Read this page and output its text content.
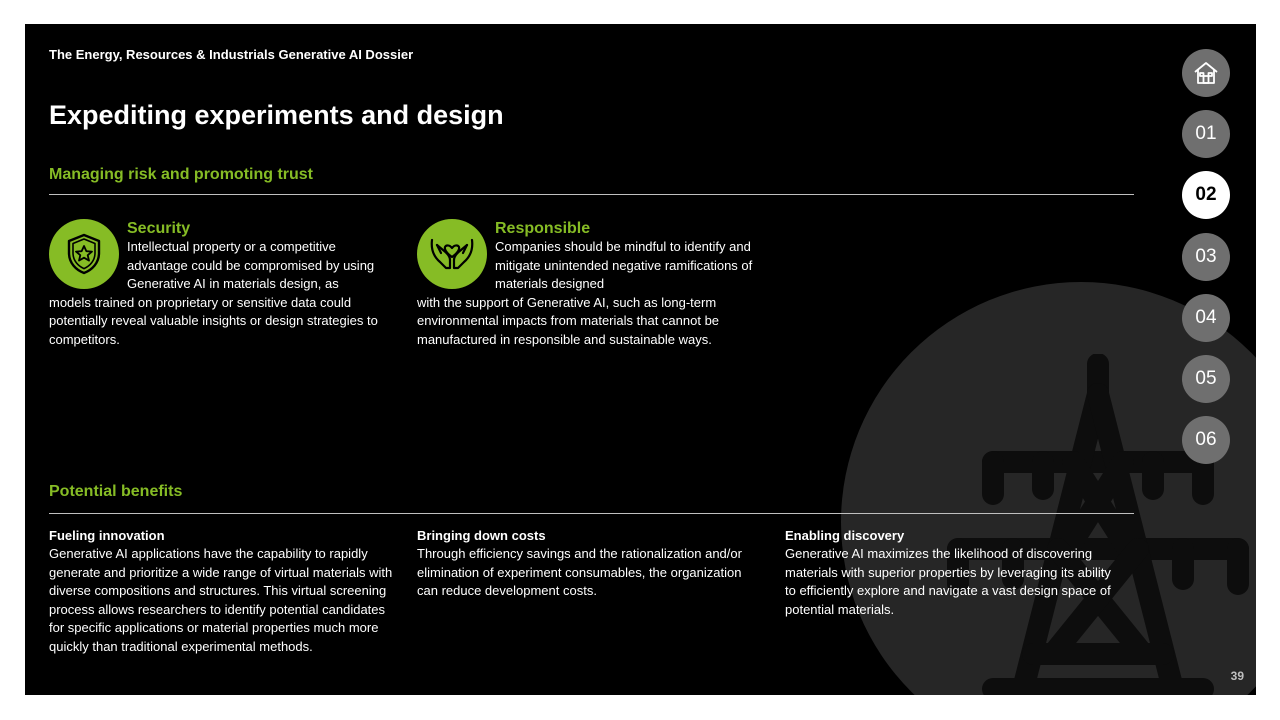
The Energy, Resources & Industrials Generative AI Dossier
Expediting experiments and design
Managing risk and promoting trust
Security
Intellectual property or a competitive advantage could be compromised by using Generative AI in materials design, as
models trained on proprietary or sensitive data could potentially reveal valuable insights or design strategies to competitors.
Responsible
Companies should be mindful to identify and mitigate unintended negative ramifications of materials designed
with the support of Generative AI, such as long-term environmental impacts from materials that cannot be manufactured in responsible and sustainable ways.
Potential benefits
Fueling innovation
Generative AI applications have the capability to rapidly generate and prioritize a wide range of virtual materials with diverse compositions and structures. This virtual screening process allows researchers to identify potential candidates for specific applications or material properties much more quickly than traditional experimental methods.
Bringing down costs
Through efficiency savings and the rationalization and/or elimination of experiment consumables, the organization can reduce development costs.
Enabling discovery
Generative AI maximizes the likelihood of discovering materials with superior properties by leveraging its ability to efficiently explore and navigate a vast design space of potential materials.
01
02
03
04
05
06
39
